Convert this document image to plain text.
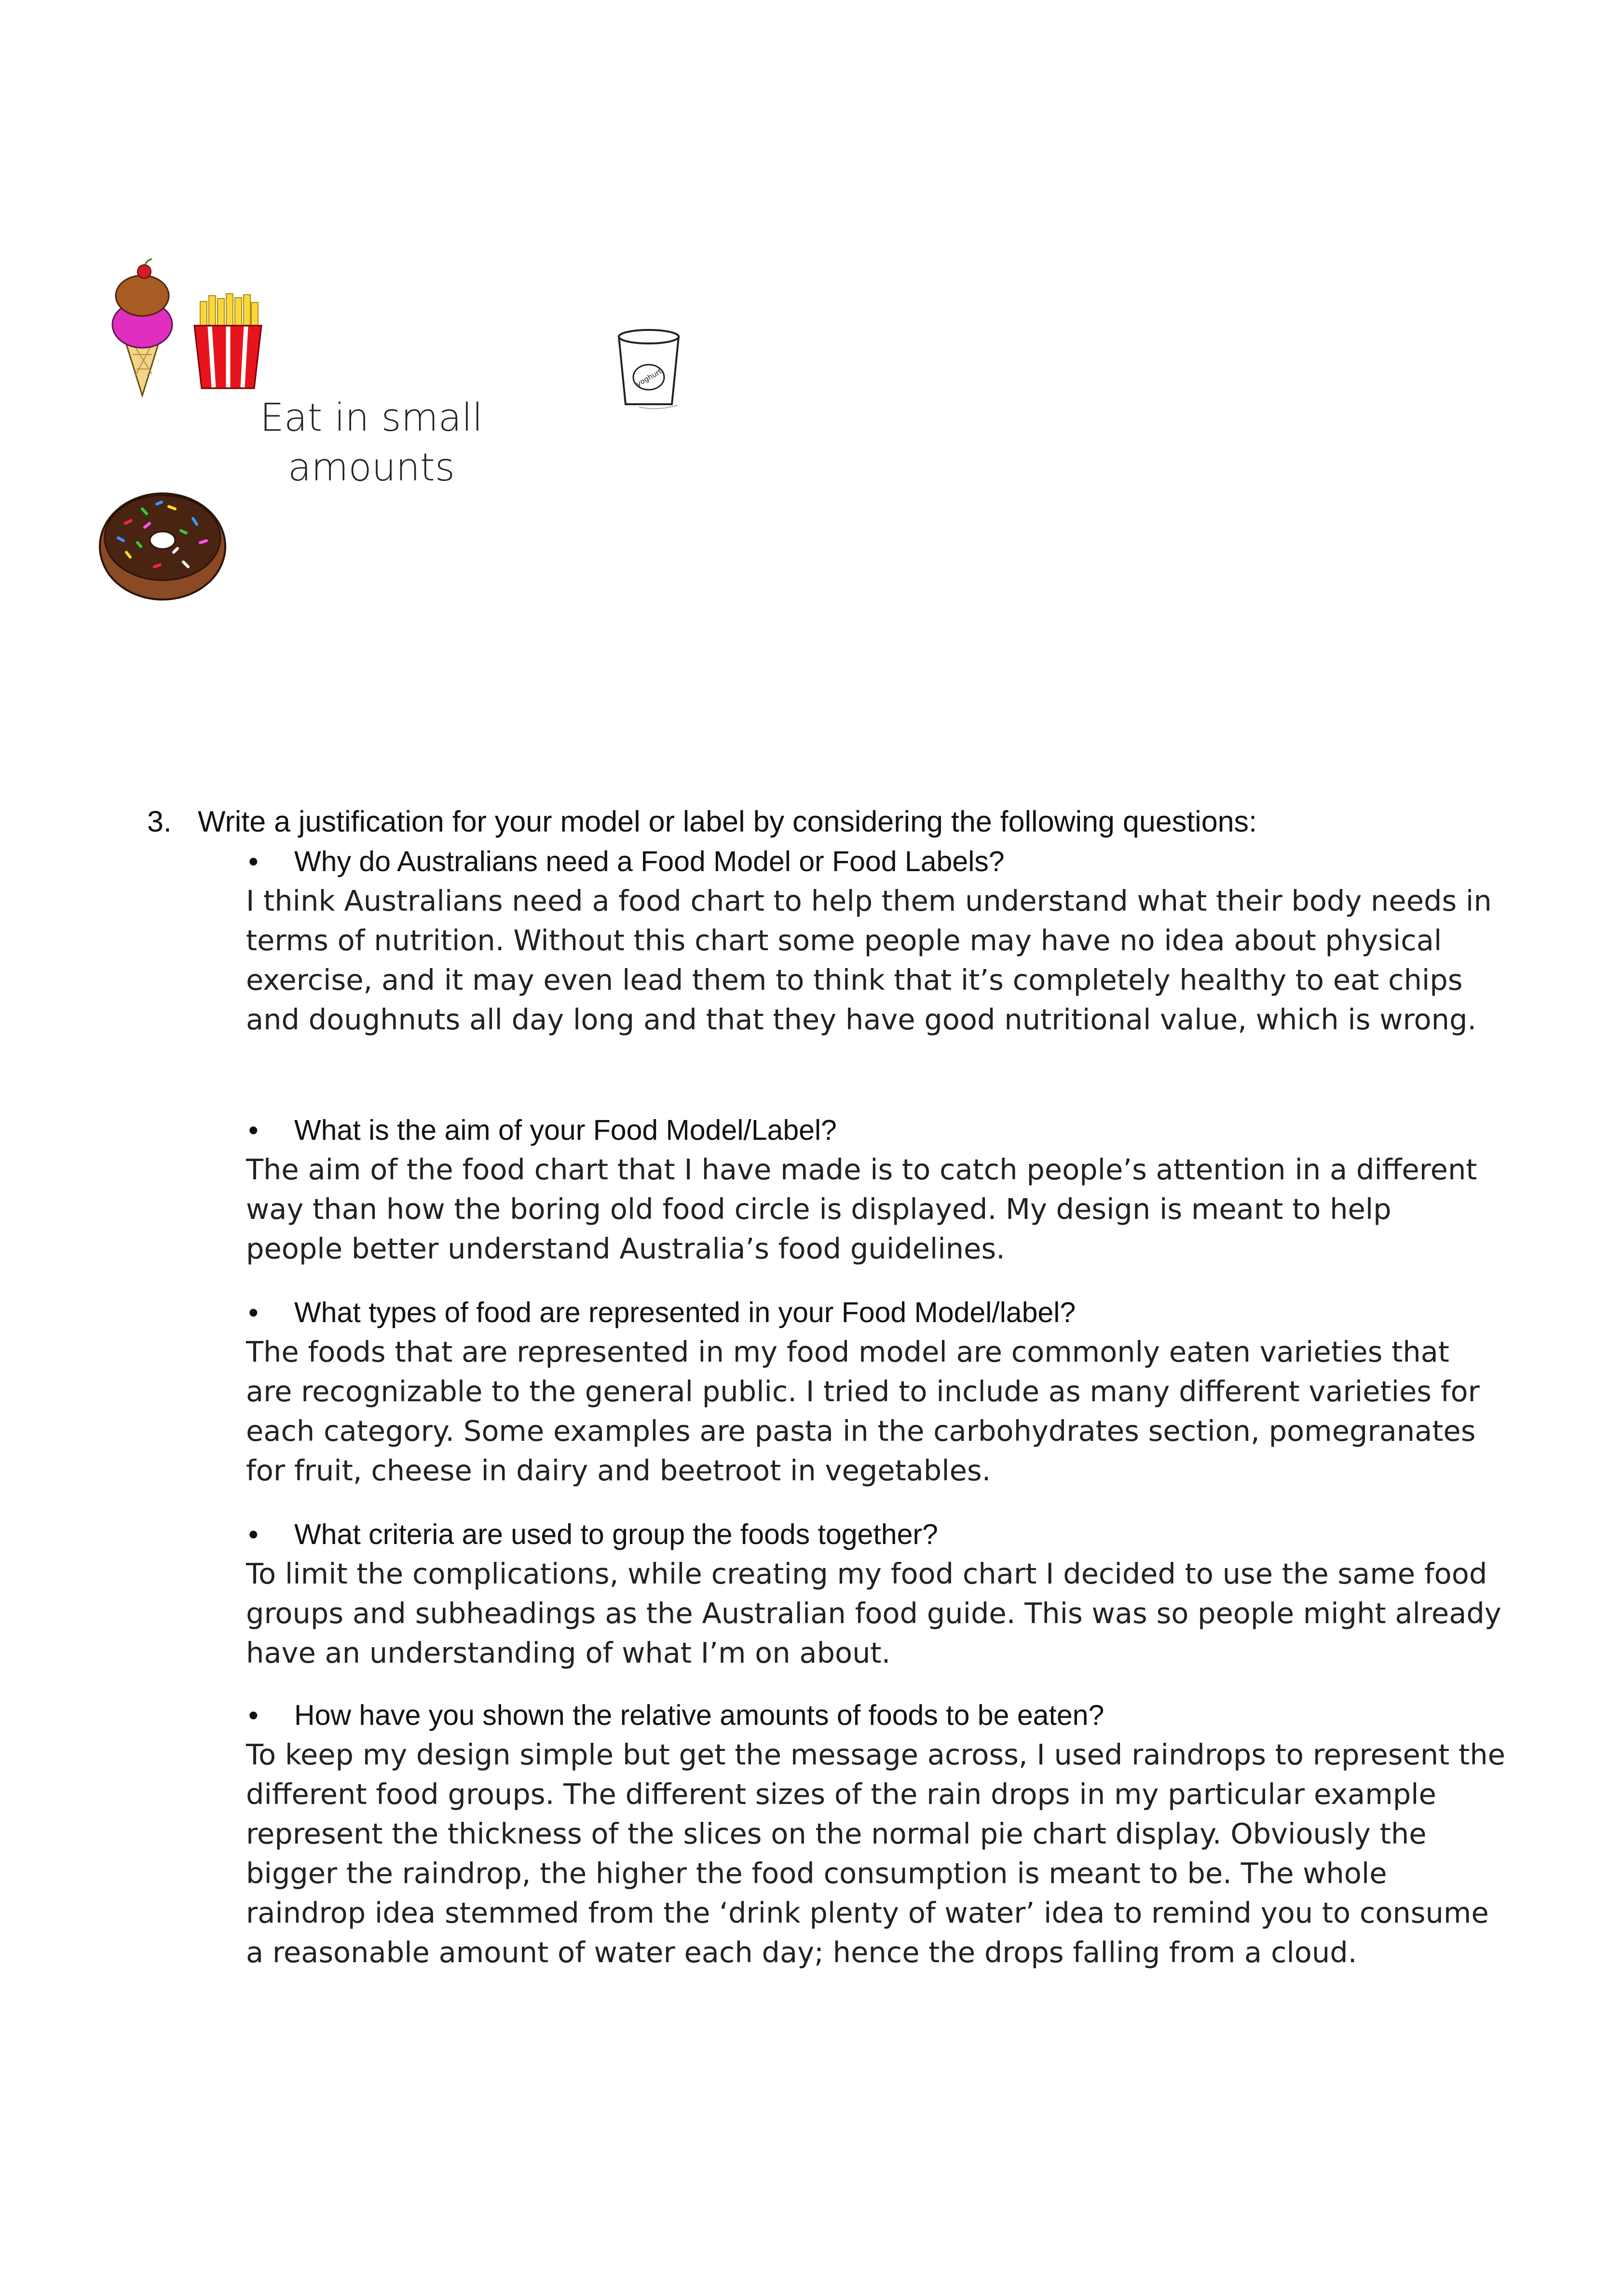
yoghurt
Eat in small
amounts
3. Write a justification for your model or label by considering the following questions:
• Why do Australians need a Food Model or Food Labels?
I think Australians need a food chart to help them understand what their body needs in
terms of nutrition. Without this chart some people may have no idea about physical
exercise, and it may even lead them to think that it’s completely healthy to eat chips
and doughnuts all day long and that they have good nutritional value, which is wrong.
• What is the aim of your Food Model/Label?
The aim of the food chart that I have made is to catch people’s attention in a different
way than how the boring old food circle is displayed. My design is meant to help
people better understand Australia’s food guidelines.
• What types of food are represented in your Food Model/label?
The foods that are represented in my food model are commonly eaten varieties that
are recognizable to the general public. I tried to include as many different varieties for
each category. Some examples are pasta in the carbohydrates section, pomegranates
for fruit, cheese in dairy and beetroot in vegetables.
• What criteria are used to group the foods together?
To limit the complications, while creating my food chart I decided to use the same food
groups and subheadings as the Australian food guide. This was so people might already
have an understanding of what I’m on about.
• How have you shown the relative amounts of foods to be eaten?
To keep my design simple but get the message across, I used raindrops to represent the
different food groups. The different sizes of the rain drops in my particular example
represent the thickness of the slices on the normal pie chart display. Obviously the
bigger the raindrop, the higher the food consumption is meant to be. The whole
raindrop idea stemmed from the ‘drink plenty of water’ idea to remind you to consume
a reasonable amount of water each day; hence the drops falling from a cloud.
